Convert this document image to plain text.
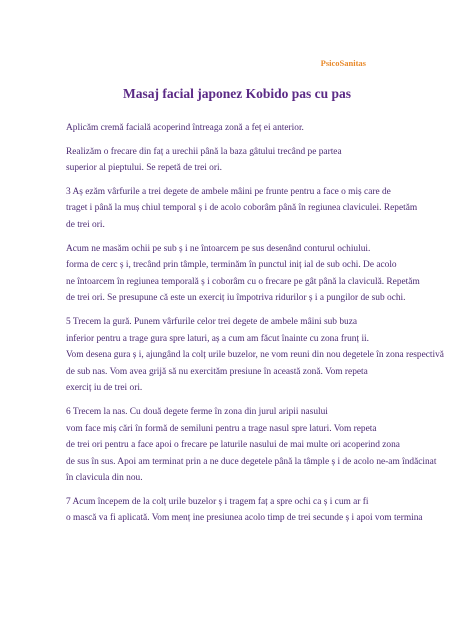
PsicoSanitas
Masaj facial japonez Kobido pas cu pas
Aplicăm cremă facială acoperind întreaga zonă a feț ei anterior.
Realizăm o frecare din faț a urechii până la baza gâtului trecând pe partea
superior al pieptului. Se repetă de trei ori.
3 Aș ezăm vârfurile a trei degete de ambele mâini pe frunte pentru a face o miș care de
traget i până la muș chiul temporal ș i de acolo coborâm până în regiunea claviculei. Repetăm
de trei ori.
Acum ne masăm ochii pe sub ș i ne întoarcem pe sus desenând conturul ochiului.
forma de cerc ș i, trecând prin tâmple, terminăm în punctul iniț ial de sub ochi. De acolo
ne întoarcem în regiunea temporală ș i coborâm cu o frecare pe gât până la claviculă. Repetăm
de trei ori. Se presupune că este un exerciț iu împotriva ridurilor ș i a pungilor de sub ochi.
5 Trecem la gură. Punem vârfurile celor trei degete de ambele mâini sub buza
inferior pentru a trage gura spre laturi, aș a cum am făcut înainte cu zona frunț ii.
Vom desena gura ș i, ajungând la colț urile buzelor, ne vom reuni din nou degetele în zona respectivă
de sub nas. Vom avea grijă să nu exercităm presiune în această zonă. Vom repeta
exerciț iu de trei ori.
6 Trecem la nas. Cu două degete ferme în zona din jurul aripii nasului
vom face miș cări în formă de semiluni pentru a trage nasul spre laturi. Vom repeta
de trei ori pentru a face apoi o frecare pe laturile nasului de mai multe ori acoperind zona
de sus în sus. Apoi am terminat prin a ne duce degetele până la tâmple ș i de acolo ne-am îndăcinat
în clavicula din nou.
7 Acum începem de la colț urile buzelor ș i tragem faț a spre ochi ca ș i cum ar fi
o mască va fi aplicată. Vom menț ine presiunea acolo timp de trei secunde ș i apoi vom termina
